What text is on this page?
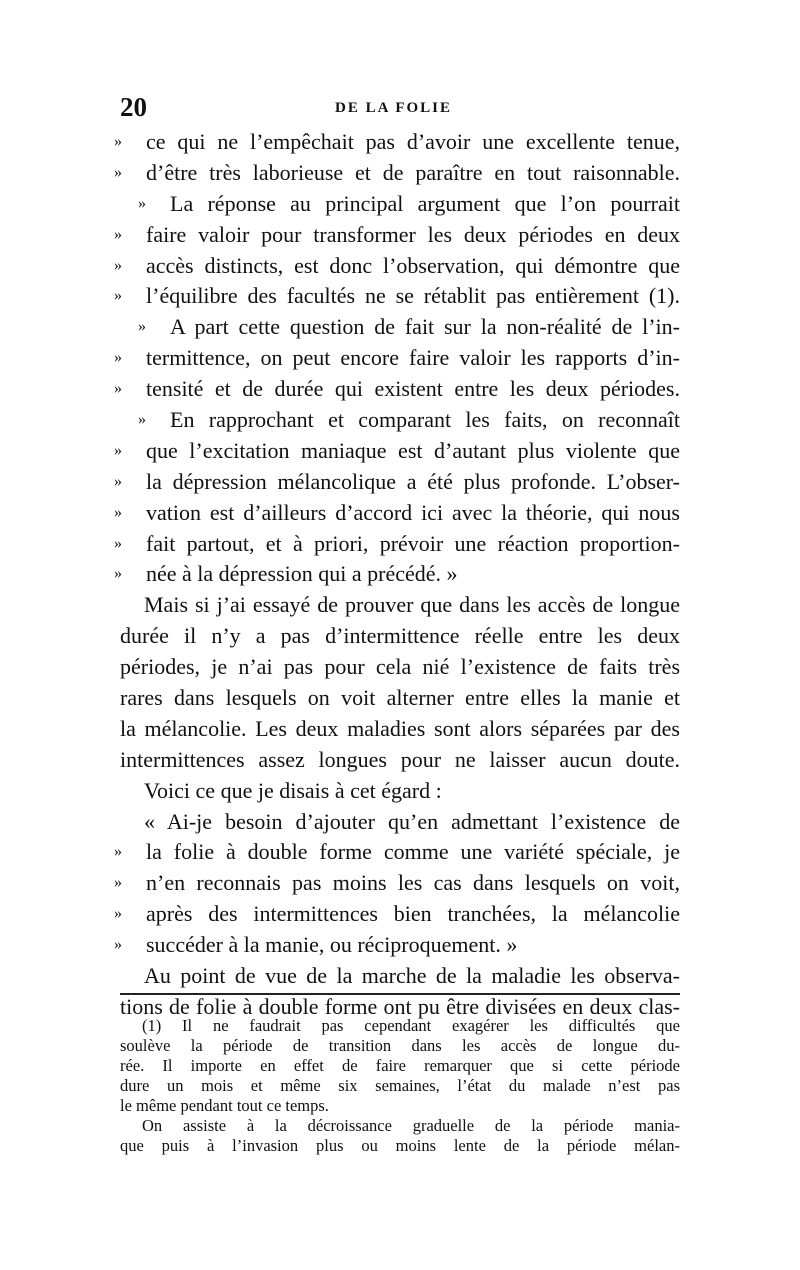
20	DE LA FOLIE
»	ce qui ne l’empêchait pas d’avoir une excellente tenue,
»	d’être très laborieuse et de paraître en tout raisonnable.
»	La réponse au principal argument que l’on pourrait
»	faire valoir pour transformer les deux périodes en deux
»	accès distincts, est donc l’observation, qui démontre que
»	l’équilibre des facultés ne se rétablit pas entièrement (1).
»	A part cette question de fait sur la non-réalité de l’in-
»	termittence, on peut encore faire valoir les rapports d’in-
»	tensité et de durée qui existent entre les deux périodes.
»	En rapprochant et comparant les faits, on reconnaît
»	que l’excitation maniaque est d’autant plus violente que
»	la dépression mélancolique a été plus profonde. L’obser-
»	vation est d’ailleurs d’accord ici avec la théorie, qui nous
»	fait partout, et à priori, prévoir une réaction proportion-
»	née à la dépression qui a précédé. »
Mais si j’ai essayé de prouver que dans les accès de longue
durée il n’y a pas d’intermittence réelle entre les deux
périodes, je n’ai pas pour cela nié l’existence de faits très
rares dans lesquels on voit alterner entre elles la manie et
la mélancolie. Les deux maladies sont alors séparées par des
intermittences assez longues pour ne laisser aucun doute.
Voici ce que je disais à cet égard :
« Ai-je besoin d’ajouter qu’en admettant l’existence de
»	la folie à double forme comme une variété spéciale, je
»	n’en reconnais pas moins les cas dans lesquels on voit,
»	après des intermittences bien tranchées, la mélancolie
»	succéder à la manie, ou réciproquement. »
Au point de vue de la marche de la maladie les observa-
tions de folie à double forme ont pu être divisées en deux clas-
(1) Il ne faudrait pas cependant exagérer les difficultés que
soulève la période de transition dans les accès de longue du-
rée. Il importe en effet de faire remarquer que si cette période
dure un mois et même six semaines, l’état du malade n’est pas
le même pendant tout ce temps.
On assiste à la décroissance graduelle de la période mania-
que puis à l’invasion plus ou moins lente de la période mélan-
